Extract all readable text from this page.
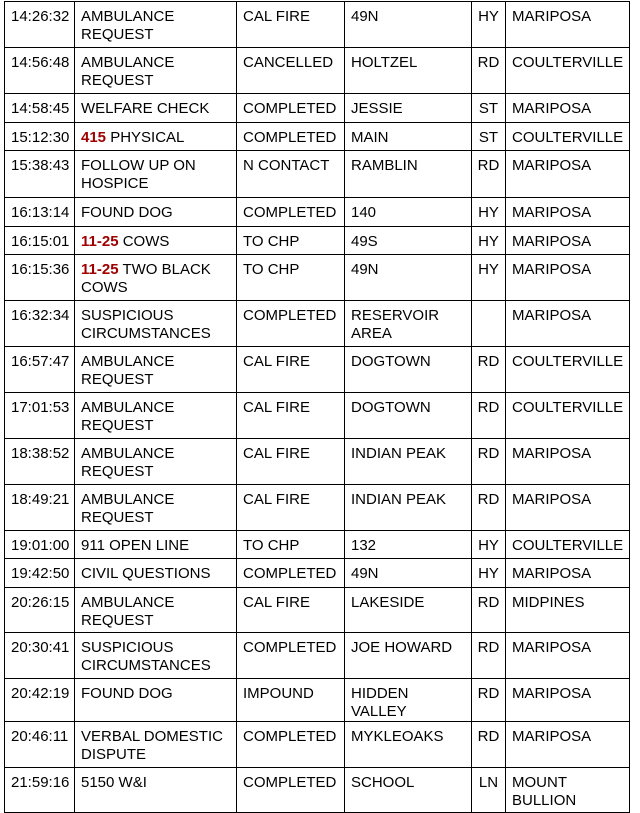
14:26:32	AMBULANCE REQUEST	CAL FIRE	49N	HY	MARIPOSA
14:56:48	AMBULANCE REQUEST	CANCELLED	HOLTZEL	RD	COULTERVILLE
14:58:45	WELFARE CHECK	COMPLETED	JESSIE	ST	MARIPOSA
15:12:30	415 PHYSICAL	COMPLETED	MAIN	ST	COULTERVILLE
15:38:43	FOLLOW UP ON HOSPICE	N CONTACT	RAMBLIN	RD	MARIPOSA
16:13:14	FOUND DOG	COMPLETED	140	HY	MARIPOSA
16:15:01	11-25 COWS	TO CHP	49S	HY	MARIPOSA
16:15:36	11-25 TWO BLACK COWS	TO CHP	49N	HY	MARIPOSA
16:32:34	SUSPICIOUS CIRCUMSTANCES	COMPLETED	RESERVOIR AREA		MARIPOSA
16:57:47	AMBULANCE REQUEST	CAL FIRE	DOGTOWN	RD	COULTERVILLE
17:01:53	AMBULANCE REQUEST	CAL FIRE	DOGTOWN	RD	COULTERVILLE
18:38:52	AMBULANCE REQUEST	CAL FIRE	INDIAN PEAK	RD	MARIPOSA
18:49:21	AMBULANCE REQUEST	CAL FIRE	INDIAN PEAK	RD	MARIPOSA
19:01:00	911 OPEN LINE	TO CHP	132	HY	COULTERVILLE
19:42:50	CIVIL QUESTIONS	COMPLETED	49N	HY	MARIPOSA
20:26:15	AMBULANCE REQUEST	CAL FIRE	LAKESIDE	RD	MIDPINES
20:30:41	SUSPICIOUS CIRCUMSTANCES	COMPLETED	JOE HOWARD	RD	MARIPOSA
20:42:19	FOUND DOG	IMPOUND	HIDDEN VALLEY	RD	MARIPOSA
20:46:11	VERBAL DOMESTIC DISPUTE	COMPLETED	MYKLEOAKS	RD	MARIPOSA
21:59:16	5150 W&I	COMPLETED	SCHOOL	LN	MOUNT BULLION
